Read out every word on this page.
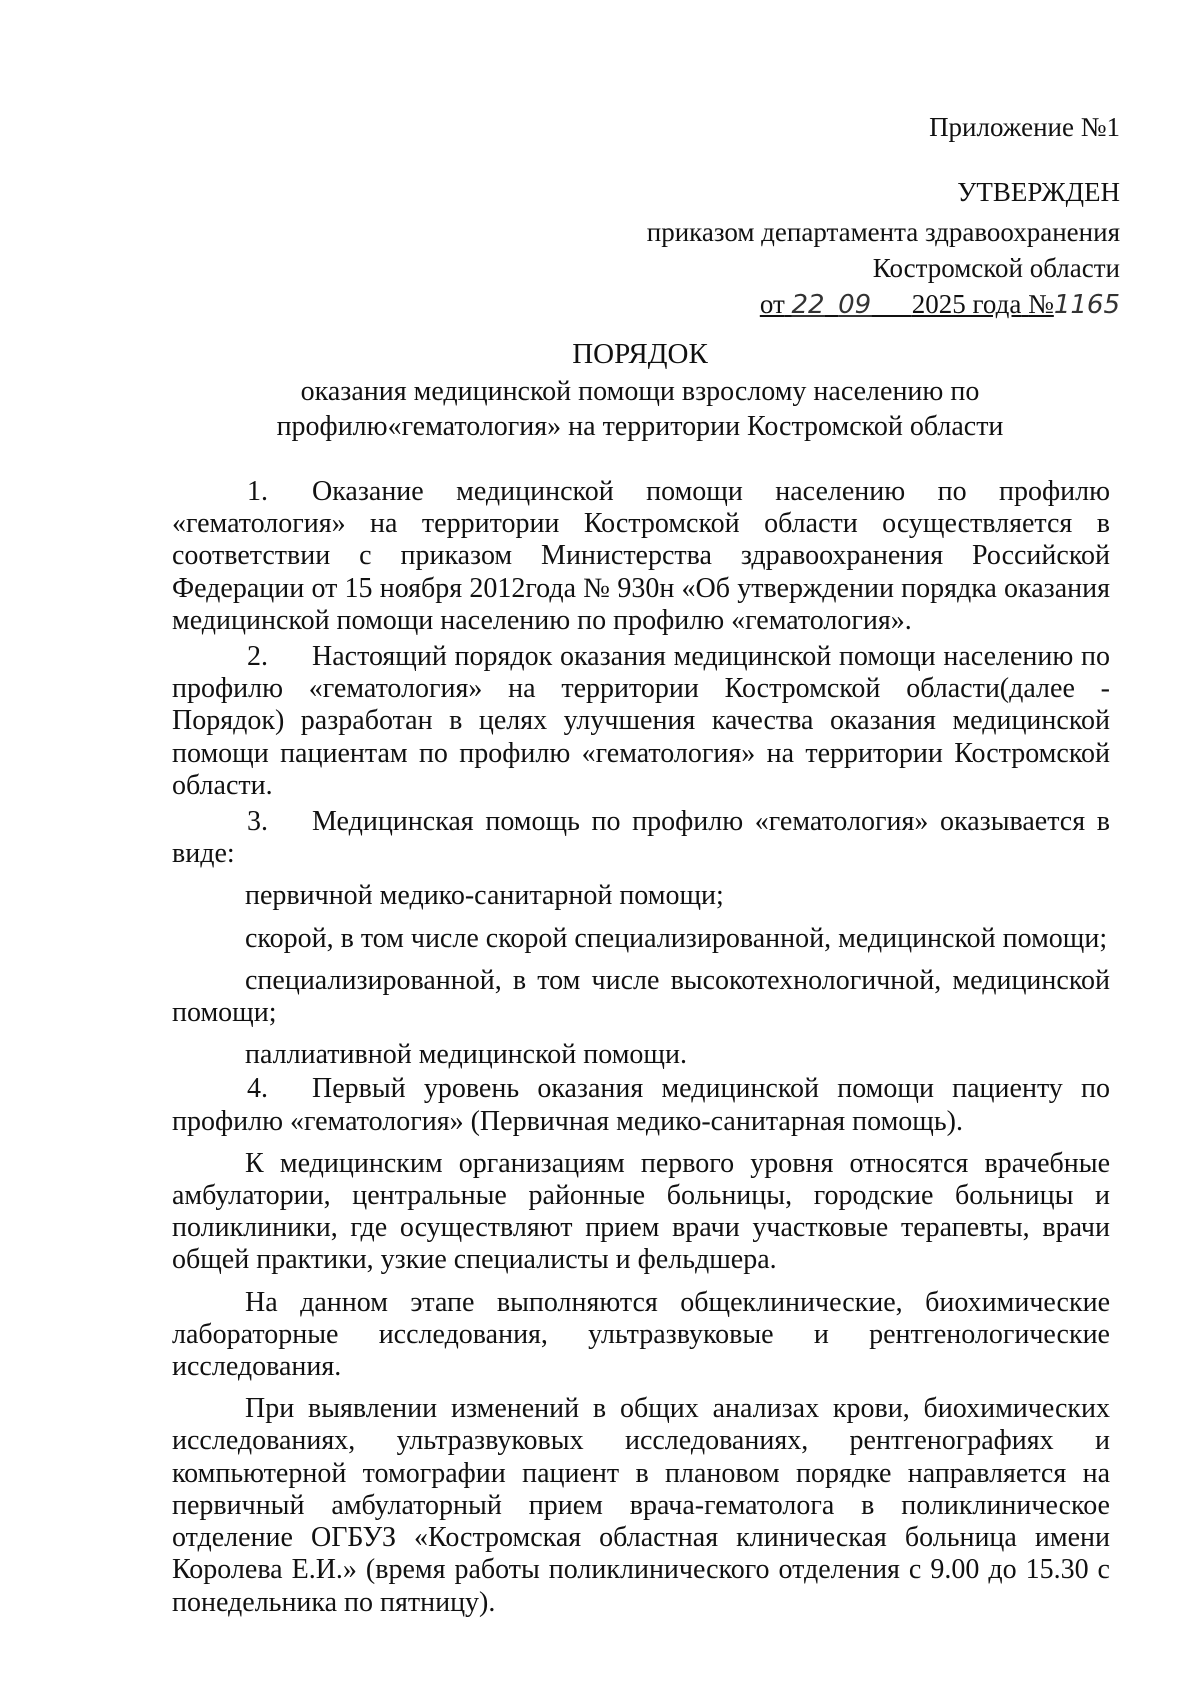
Приложение №1
УТВЕРЖДЕН
приказом департамента здравоохранения
Костромской области
от 22 09 2025 года №1165
ПОРЯДОК
оказания медицинской помощи взрослому населению по
профилю«гематология» на территории Костромской области

1. Оказание медицинской помощи населению по профилю «гематология» на территории Костромской области осуществляется в соответствии с приказом Министерства здравоохранения Российской Федерации от 15 ноября 2012года № 930н «Об утверждении порядка оказания медицинской помощи населению по профилю «гематология».

2. Настоящий порядок оказания медицинской помощи населению по профилю «гематология» на территории Костромской области(далее - Порядок) разработан в целях улучшения качества оказания медицинской помощи пациентам по профилю «гематология» на территории Костромской области.

3. Медицинская помощь по профилю «гематология» оказывается в виде:

первичной медико-санитарной помощи;

скорой, в том числе скорой специализированной, медицинской помощи;

специализированной, в том числе высокотехнологичной, медицинской помощи;

паллиативной медицинской помощи.

4. Первый уровень оказания медицинской помощи пациенту по профилю «гематология» (Первичная медико-санитарная помощь).

К медицинским организациям первого уровня относятся врачебные амбулатории, центральные районные больницы, городские больницы и поликлиники, где осуществляют прием врачи участковые терапевты, врачи общей практики, узкие специалисты и фельдшера.

На данном этапе выполняются общеклинические, биохимические лабораторные исследования, ультразвуковые и рентгенологические исследования.

При выявлении изменений в общих анализах крови, биохимических исследованиях, ультразвуковых исследованиях, рентгенографиях и компьютерной томографии пациент в плановом порядке направляется на первичный амбулаторный прием врача-гематолога в поликлиническое отделение ОГБУЗ «Костромская областная клиническая больница имени Королева Е.И.» (время работы поликлинического отделения с 9.00 до 15.30 с понедельника по пятницу).
